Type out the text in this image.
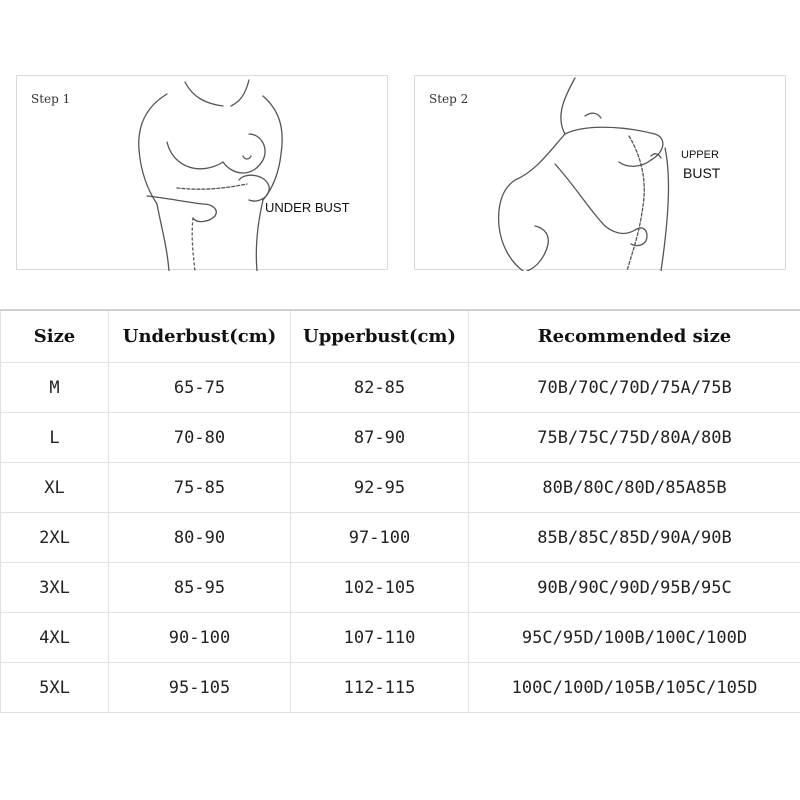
Step 1
UNDER BUST
Step 2
UPPER
BUST
Size	Underbust(cm)	Upperbust(cm)	Recommended size
M	65-75	82-85	70B/70C/70D/75A/75B
L	70-80	87-90	75B/75C/75D/80A/80B
XL	75-85	92-95	80B/80C/80D/85A85B
2XL	80-90	97-100	85B/85C/85D/90A/90B
3XL	85-95	102-105	90B/90C/90D/95B/95C
4XL	90-100	107-110	95C/95D/100B/100C/100D
5XL	95-105	112-115	100C/100D/105B/105C/105D
